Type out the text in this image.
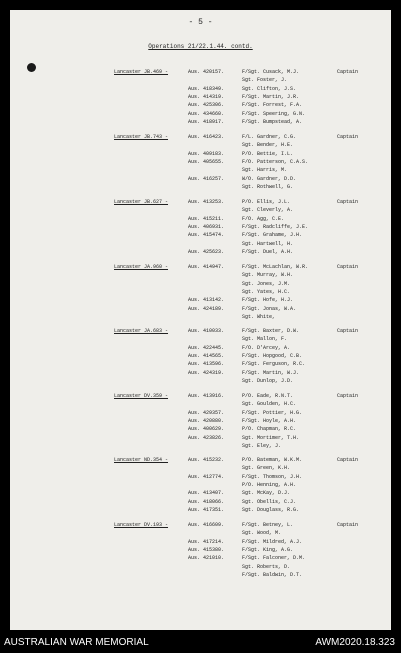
- 5 -
Operations 21/22.1.44. contd.
Lancaster JB.469 -	Captain
Aus. 420157.	F/Sgt. Cusack, M.J.
Sgt. Foster, J.
Aus. 418349.	Sgt. Clifton, J.S.
Aus. 414319.	F/Sgt. Martin, J.R.
Aus. 425306.	F/Sgt. Forrest, F.A.
Aus. 434660.	F/Sgt. Speering, G.N.
Aus. 418917.	F/Sgt. Bumpstead, A.
Lancaster JB.743 -	Captain
Aus. 416423.	F/L. Gardner, C.G.
Sgt. Bender, H.E.
Aus. 409183.	P/O. Bettie, I.L.
Aus. 405655.	F/O. Patterson, C.A.S.
Sgt. Harris, M.
Aus. 416257.	W/O. Gardner, D.D.
Sgt. Rothwell, G.
Lancaster JB.627 -	Captain
Aus. 413253.	P/O. Ellis, J.L.
Sgt. Cleverly, A.
Aus. 415211.	F/O. Agg, C.E.
Aus. 406931.	F/Sgt. Radcliffe, J.E.
Aus. 415474.	F/Sgt. Grahame, J.H.
Sgt. Hartwell, H.
Aus. 425623.	F/Sgt. Duel, A.H.
Lancaster JA.960 -	Captain
Aus. 414947.	F/Sgt. McLachlan, W.R.
Sgt. Murray, W.H.
Sgt. Jones, J.M.
Sgt. Yates, H.C.
Aus. 413142.	F/Sgt. Hofe, H.J.
Aus. 424189.	F/Sgt. Jonas, W.A.
Sgt. White,
Lancaster JA.683 -	Captain
Aus. 410033.	F/Sgt. Baxter, D.W.
Sgt. Mallon, F.
Aus. 422445.	F/O. D'Arcey, A.
Aus. 414565.	F/Sgt. Hopgood, C.B.
Aus. 413596.	F/Sgt. Ferguson, R.C.
Aus. 424319.	F/Sgt. Martin, W.J.
Sgt. Dunlop, J.D.
Lancaster DV.359 -	Captain
Aus. 413916.	P/O. Eade, R.N.T.
Sgt. Goulden, H.C.
Aus. 429357.	F/Sgt. Pottier, H.G.
Aus. 420880.	F/Sgt. Hoyle, A.H.
Aus. 400629.	P/O. Chapman, R.C.
Aus. 423826.	Sgt. Mortimer, T.H.
Sgt. Eley, J.
Lancaster ND.354 -	Captain
Aus. 415232.	P/O. Bateman, W.K.M.
Sgt. Green, K.H.
Aus. 412774.	F/Sgt. Thomson, J.H.
P/O. Henning, A.H.
Aus. 413407.	Sgt. McKay, D.J.
Aus. 418066.	Sgt. Obellis, C.J.
Aus. 417351.	Sgt. Douglass, R.G.
Lancaster DV.193 -	Captain
Aus. 416609.	F/Sgt. Betney, L.
Sgt. Wood, M.
Aus. 417214.	F/Sgt. Mildred, A.J.
Aus. 415380.	F/Sgt. King, A.G.
Aus. 421010.	F/Sgt. Falconer, D.M.
Sgt. Roberts, D.
F/Sgt. Baldwin, D.T.
AUSTRALIAN WAR MEMORIAL	AWM2020.18.323
